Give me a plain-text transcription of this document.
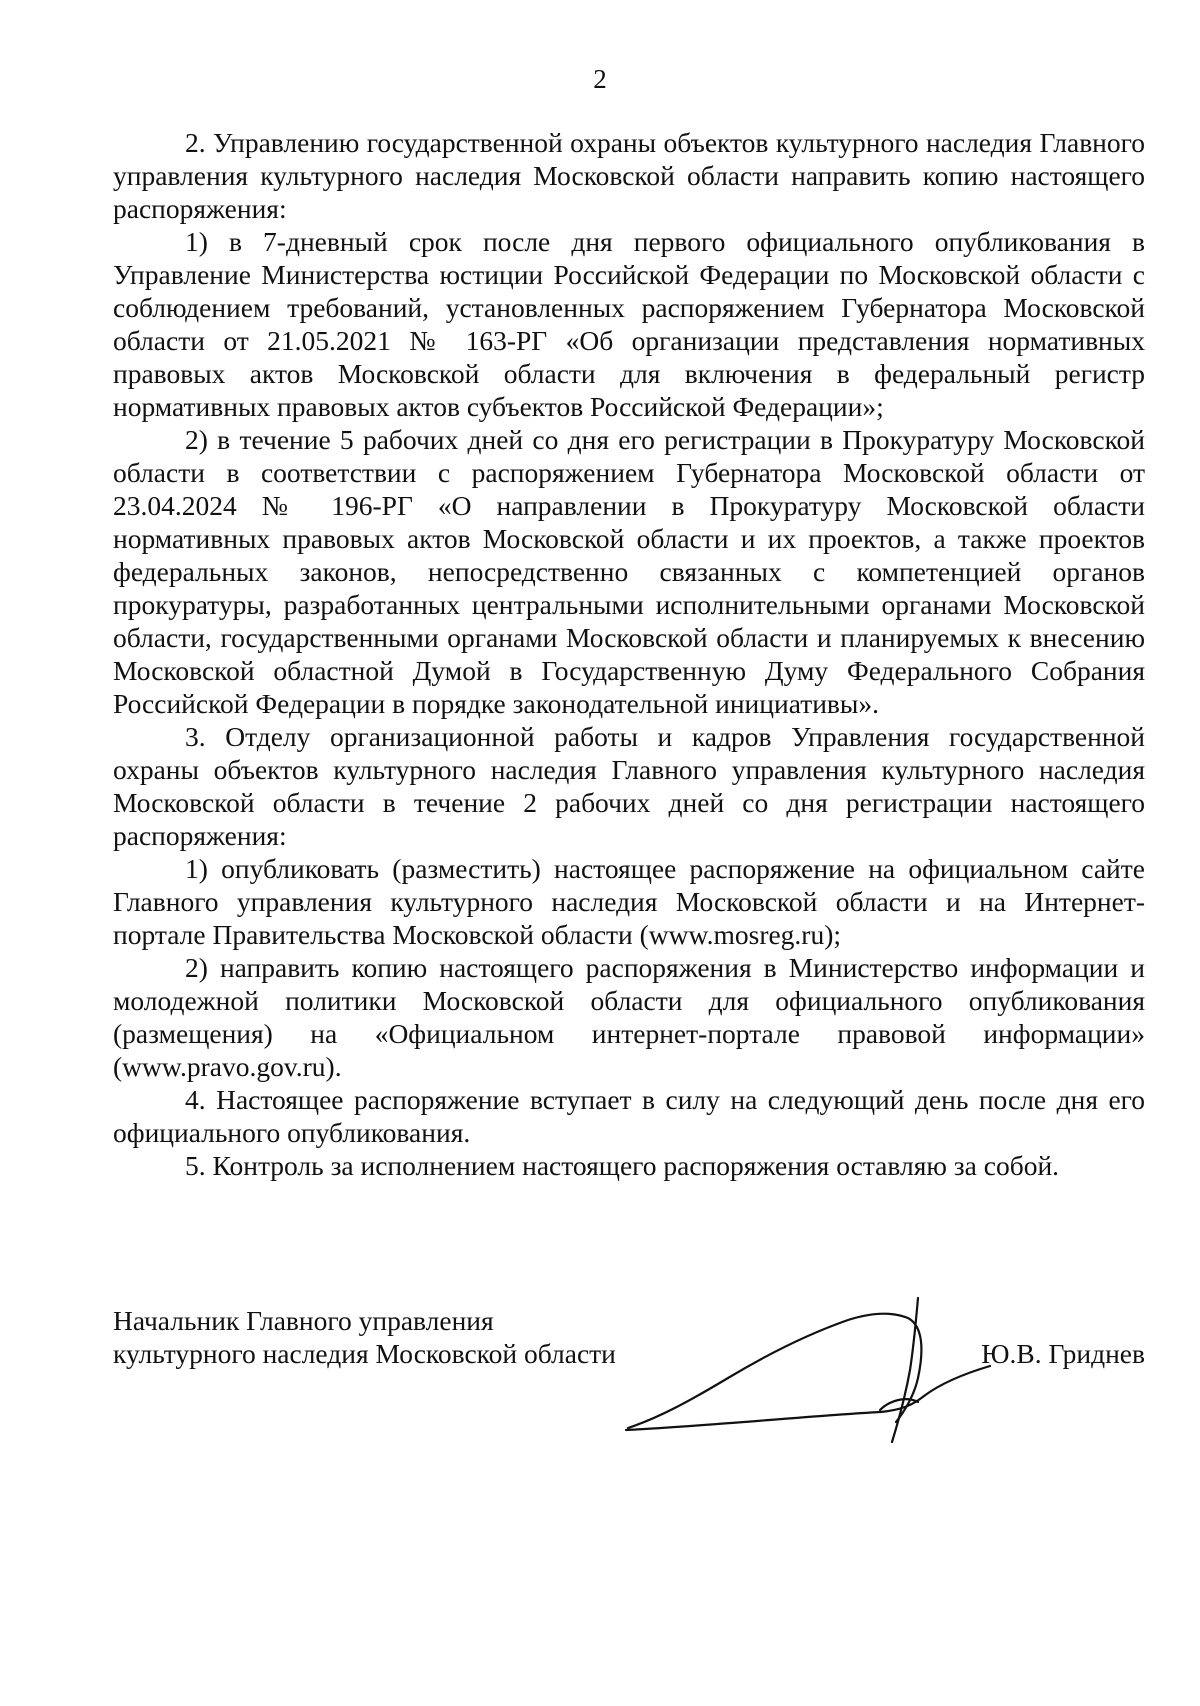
2

2. Управлению государственной охраны объектов культурного наследия Главного управления культурного наследия Московской области направить копию настоящего распоряжения:

1) в 7-дневный срок после дня первого официального опубликования в Управление Министерства юстиции Российской Федерации по Московской области с соблюдением требований, установленных распоряжением Губернатора Московской области от 21.05.2021 № 163-РГ «Об организации представления нормативных правовых актов Московской области для включения в федеральный регистр нормативных правовых актов субъектов Российской Федерации»;

2) в течение 5 рабочих дней со дня его регистрации в Прокуратуру Московской области в соответствии с распоряжением Губернатора Московской области от 23.04.2024 № 196-РГ «О направлении в Прокуратуру Московской области нормативных правовых актов Московской области и их проектов, а также проектов федеральных законов, непосредственно связанных с компетенцией органов прокуратуры, разработанных центральными исполнительными органами Московской области, государственными органами Московской области и планируемых к внесению Московской областной Думой в Государственную Думу Федерального Собрания Российской Федерации в порядке законодательной инициативы».

3. Отделу организационной работы и кадров Управления государственной охраны объектов культурного наследия Главного управления культурного наследия Московской области в течение 2 рабочих дней со дня регистрации настоящего распоряжения:

1) опубликовать (разместить) настоящее распоряжение на официальном сайте Главного управления культурного наследия Московской области и на Интернет-портале Правительства Московской области (www.mosreg.ru);

2) направить копию настоящего распоряжения в Министерство информации и молодежной политики Московской области для официального опубликования (размещения) на «Официальном интернет-портале правовой информации» (www.pravo.gov.ru).

4. Настоящее распоряжение вступает в силу на следующий день после дня его официального опубликования.

5. Контроль за исполнением настоящего распоряжения оставляю за собой.

Начальник Главного управления
культурного наследия Московской области	Ю.В. Гриднев
